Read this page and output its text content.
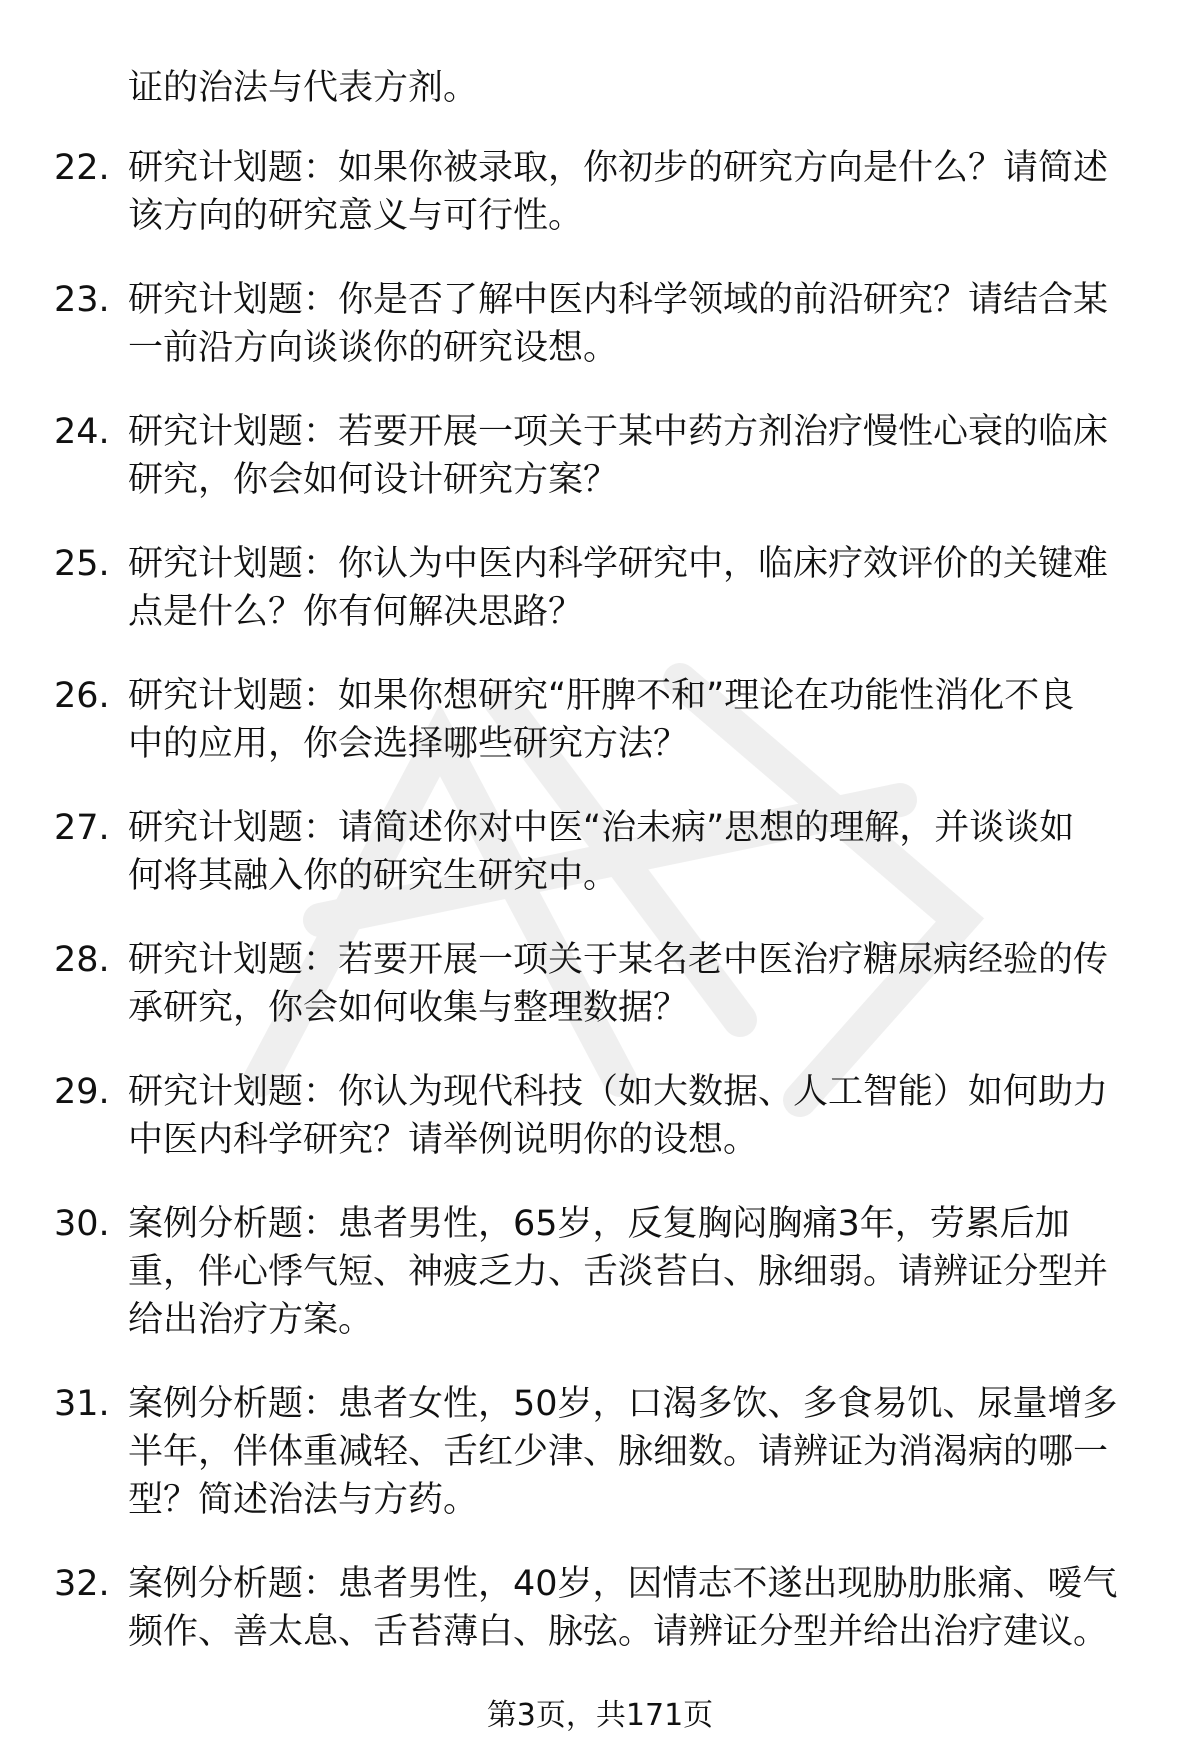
证的治法与代表方剂。
22. 研究计划题：如果你被录取，你初步的研究方向是什么？请简述
该方向的研究意义与可行性。
23. 研究计划题：你是否了解中医内科学领域的前沿研究？请结合某
一前沿方向谈谈你的研究设想。
24. 研究计划题：若要开展一项关于某中药方剂治疗慢性心衰的临床
研究，你会如何设计研究方案？
25. 研究计划题：你认为中医内科学研究中，临床疗效评价的关键难
点是什么？你有何解决思路？
26. 研究计划题：如果你想研究“肝脾不和”理论在功能性消化不良
中的应用，你会选择哪些研究方法？
27. 研究计划题：请简述你对中医“治未病”思想的理解，并谈谈如
何将其融入你的研究生研究中。
28. 研究计划题：若要开展一项关于某名老中医治疗糖尿病经验的传
承研究，你会如何收集与整理数据？
29. 研究计划题：你认为现代科技（如大数据、人工智能）如何助力
中医内科学研究？请举例说明你的设想。
30. 案例分析题：患者男性，65岁，反复胸闷胸痛3年，劳累后加
重，伴心悸气短、神疲乏力、舌淡苔白、脉细弱。请辨证分型并
给出治疗方案。
31. 案例分析题：患者女性，50岁，口渴多饮、多食易饥、尿量增多
半年，伴体重减轻、舌红少津、脉细数。请辨证为消渴病的哪一
型？简述治法与方药。
32. 案例分析题：患者男性，40岁，因情志不遂出现胁肋胀痛、嗳气
频作、善太息、舌苔薄白、脉弦。请辨证分型并给出治疗建议。
第3页，共171页
